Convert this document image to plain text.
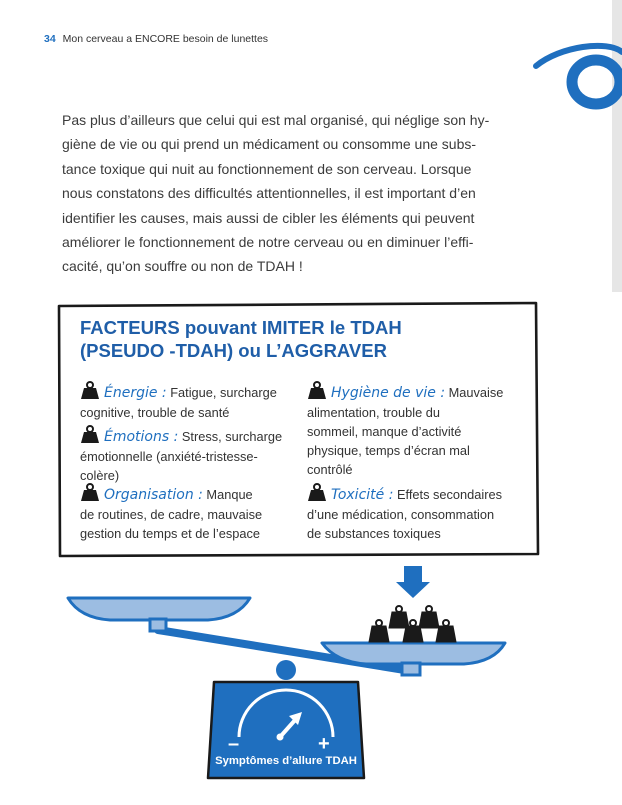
34 Mon cerveau a ENCORE besoin de lunettes
Pas plus d’ailleurs que celui qui est mal organisé, qui néglige son hy-
giène de vie ou qui prend un médicament ou consomme une subs-
tance toxique qui nuit au fonctionnement de son cerveau. Lorsque
nous constatons des difficultés attentionnelles, il est important d’en
identifier les causes, mais aussi de cibler les éléments qui peuvent
améliorer le fonctionnement de notre cerveau ou en diminuer l’effi-
cacité, qu’on souffre ou non de TDAH !
FACTEURS pouvant IMITER le TDAH
(PSEUDO -TDAH) ou L’AGGRAVER
Énergie : Fatigue, surcharge
cognitive, trouble de santé
Émotions : Stress, surcharge
émotionnelle (anxiété-tristesse-
colère)
Organisation : Manque
de routines, de cadre, mauvaise
gestion du temps et de l’espace
Hygiène de vie : Mauvaise
alimentation, trouble du
sommeil, manque d’activité
physique, temps d’écran mal
contrôlé
Toxicité : Effets secondaires
d’une médication, consommation
de substances toxiques
–	+
Symptômes d’allure TDAH
